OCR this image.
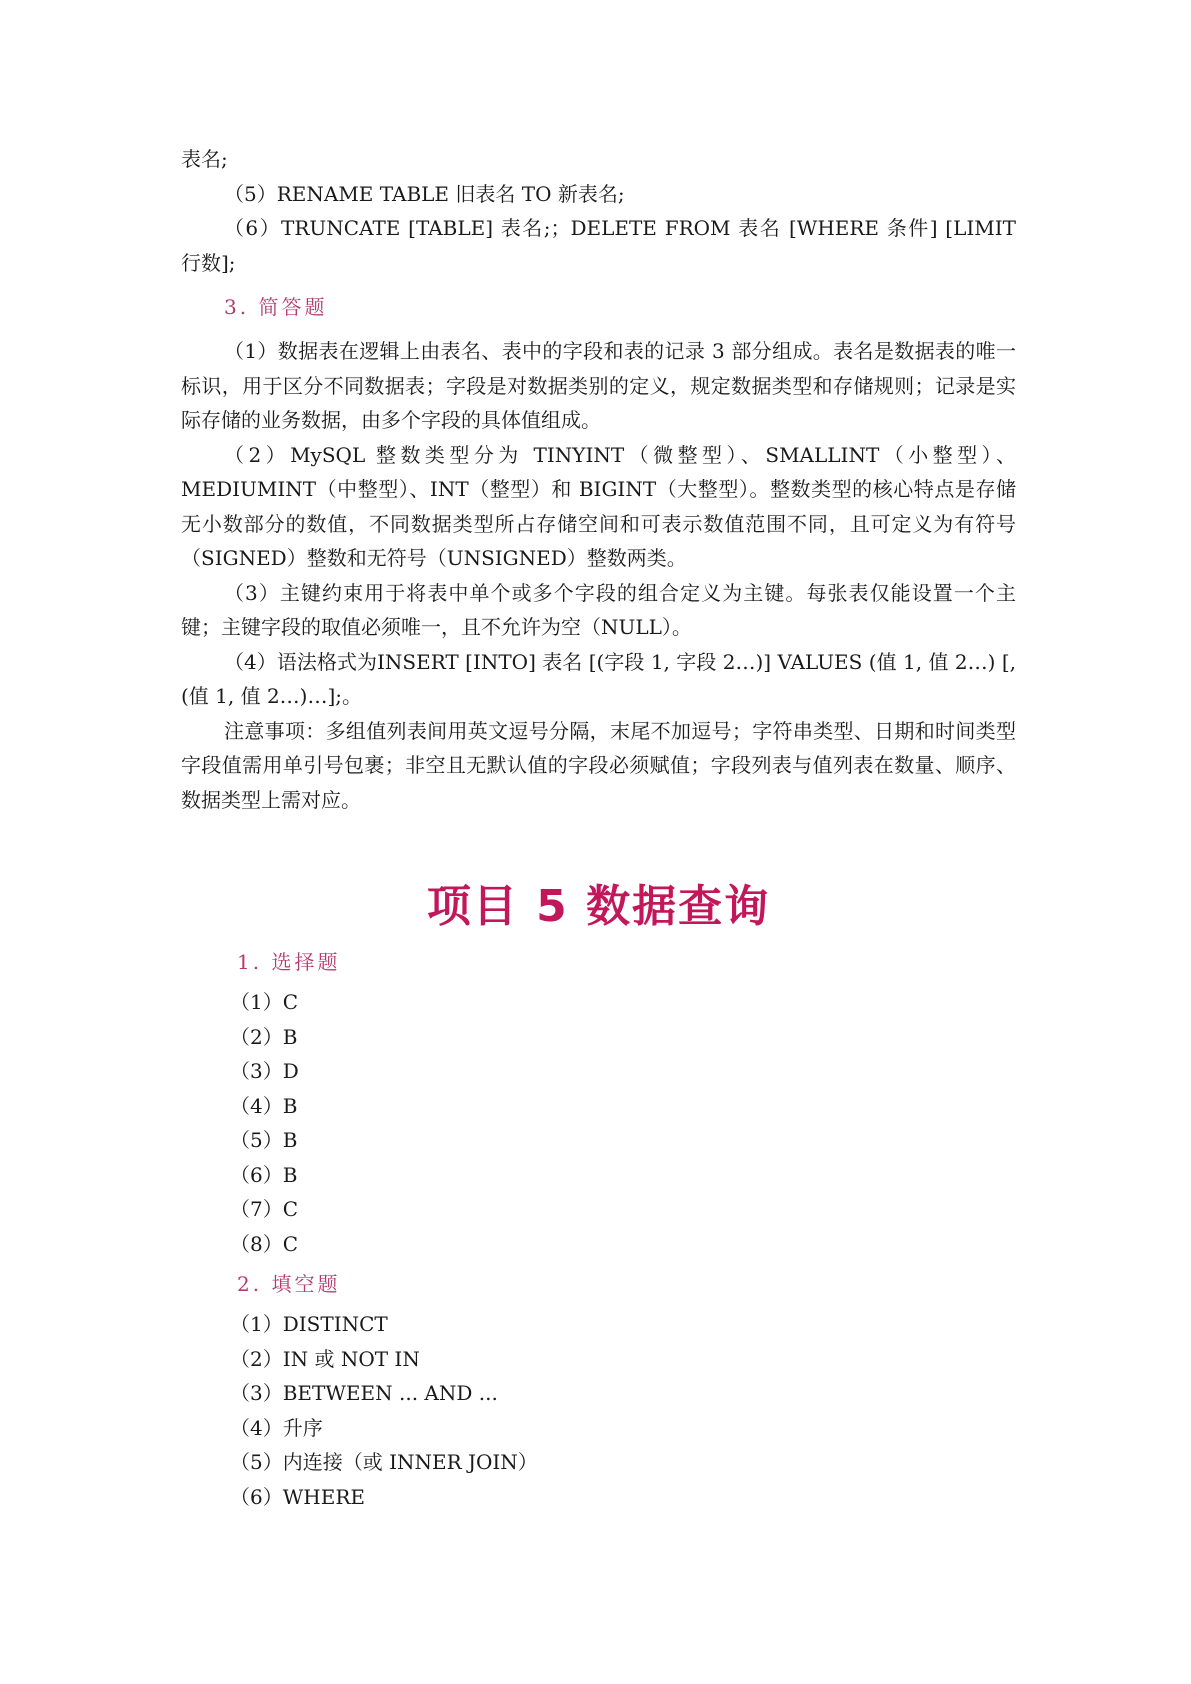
表名;

（5）RENAME TABLE 旧表名 TO 新表名;

（6）TRUNCATE [TABLE] 表名;；DELETE FROM 表名 [WHERE 条件] [LIMIT 行数];

3. 简答题

（1）数据表在逻辑上由表名、表中的字段和表的记录 3 部分组成。表名是数据表的唯一标识，用于区分不同数据表；字段是对数据类别的定义，规定数据类型和存储规则；记录是实际存储的业务数据，由多个字段的具体值组成。

（2）MySQL 整数类型分为 TINYINT（微整型）、SMALLINT（小整型）、MEDIUMINT（中整型）、INT（整型）和 BIGINT（大整型）。整数类型的核心特点是存储无小数部分的数值，不同数据类型所占存储空间和可表示数值范围不同，且可定义为有符号（SIGNED）整数和无符号（UNSIGNED）整数两类。

（3）主键约束用于将表中单个或多个字段的组合定义为主键。每张表仅能设置一个主键；主键字段的取值必须唯一，且不允许为空（NULL）。

（4）语法格式为INSERT [INTO] 表名 [(字段 1, 字段 2…)] VALUES (值 1, 值 2…) [,(值 1, 值 2…)…];。

注意事项：多组值列表间用英文逗号分隔，末尾不加逗号；字符串类型、日期和时间类型字段值需用单引号包裹；非空且无默认值的字段必须赋值；字段列表与值列表在数量、顺序、数据类型上需对应。

项目 5 数据查询
1. 选择题
（1）C
（2）B
（3）D
（4）B
（5）B
（6）B
（7）C
（8）C
2. 填空题
（1）DISTINCT
（2）IN 或 NOT IN
（3）BETWEEN ... AND ...
（4）升序
（5）内连接（或 INNER JOIN）
（6）WHERE
